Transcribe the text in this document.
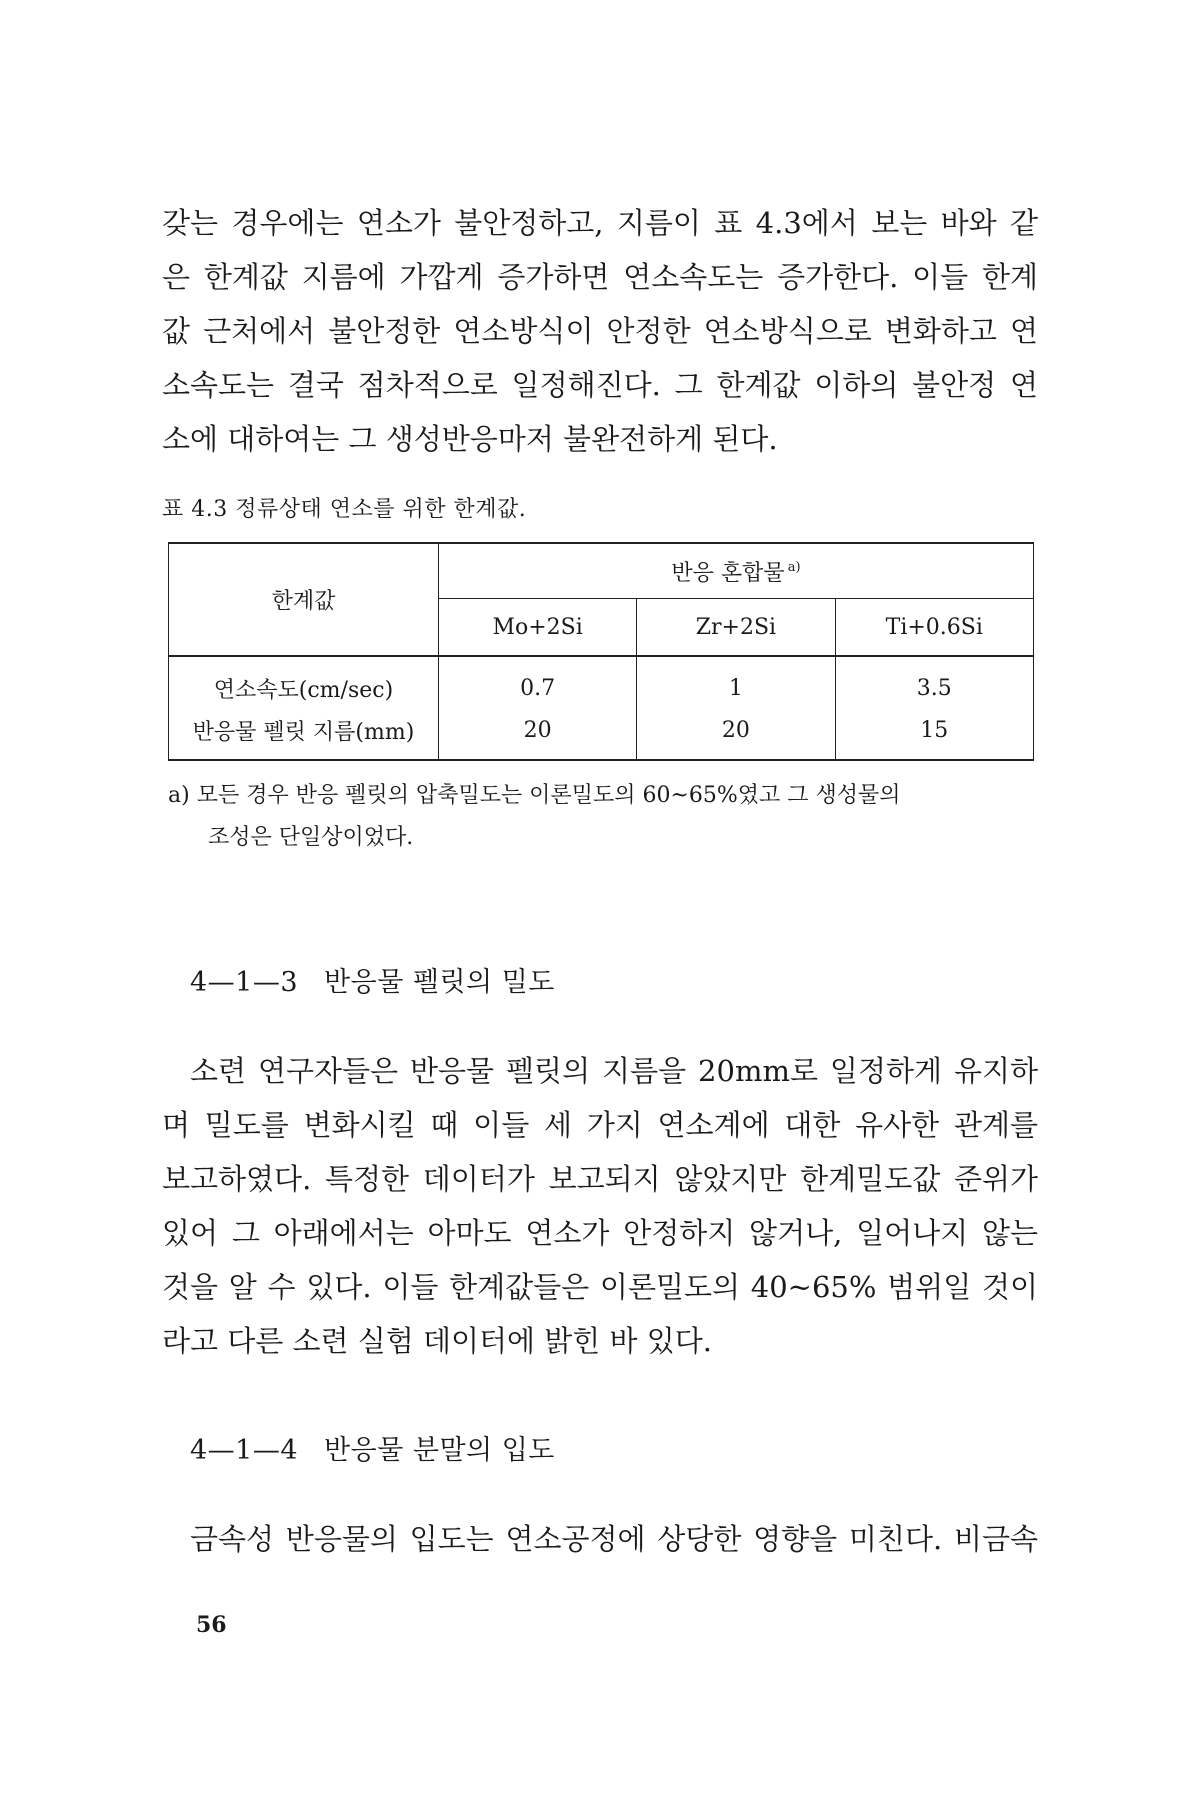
갖는 경우에는 연소가 불안정하고, 지름이 표 4.3에서 보는 바와 같
은 한계값 지름에 가깝게 증가하면 연소속도는 증가한다. 이들 한계
값 근처에서 불안정한 연소방식이 안정한 연소방식으로 변화하고 연
소속도는 결국 점차적으로 일정해진다. 그 한계값 이하의 불안정 연
소에 대하여는 그 생성반응마저 불완전하게 된다.

표 4.3 정류상태 연소를 위한 한계값.
한계값	반응 혼합물 $^{a)}$
	Mo+2Si	Zr+2Si	Ti+0.6Si
연소속도(cm/sec)	0.7	1	3.5
반응물 펠릿 지름(mm)	20	20	15
a) 모든 경우 반응 펠릿의 압축밀도는 이론밀도의 60~65%였고 그 생성물의
조성은 단일상이었다.
4—1—3 반응물 펠릿의 밀도
소련 연구자들은 반응물 펠릿의 지름을 20mm로 일정하게 유지하
며 밀도를 변화시킬 때 이들 세 가지 연소계에 대한 유사한 관계를
보고하였다. 특정한 데이터가 보고되지 않았지만 한계밀도값 준위가
있어 그 아래에서는 아마도 연소가 안정하지 않거나, 일어나지 않는
것을 알 수 있다. 이들 한계값들은 이론밀도의 40~65% 범위일 것이
라고 다른 소련 실험 데이터에 밝힌 바 있다.
4—1—4 반응물 분말의 입도
금속성 반응물의 입도는 연소공정에 상당한 영향을 미친다. 비금속
56
